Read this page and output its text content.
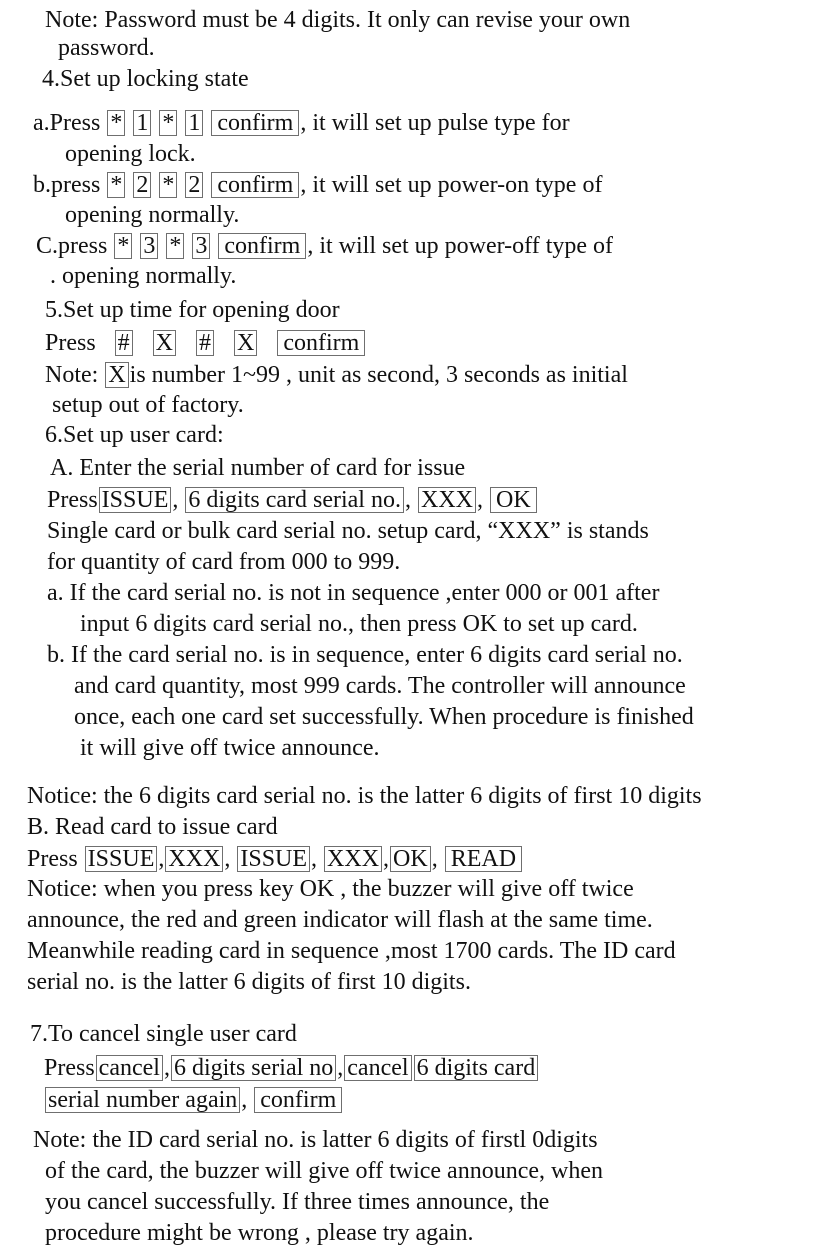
Note: Password must be 4 digits. It only can revise your own
password.
4.Set up locking state
a.Press * 1 * 1 confirm , it will set up pulse type for
opening lock.
b.press * 2 * 2 confirm , it will set up power-on type of
opening normally.
C.press * 3 * 3 confirm , it will set up power-off type of
. opening normally.
5.Set up time for opening door
Press # X # X confirm
Note: X is number 1~99 , unit as second, 3 seconds as initial
setup out of factory.
6.Set up user card:
A. Enter the serial number of card for issue
Press ISSUE , 6 digits card serial no. , XXX , OK
Single card or bulk card serial no. setup card, “XXX” is stands
for quantity of card from 000 to 999.
a. If the card serial no. is not in sequence ,enter 000 or 001 after
input 6 digits card serial no., then press OK to set up card.
b. If the card serial no. is in sequence, enter 6 digits card serial no.
and card quantity, most 999 cards. The controller will announce
once, each one card set successfully. When procedure is finished
it will give off twice announce.
Notice: the 6 digits card serial no. is the latter 6 digits of first 10 digits
B. Read card to issue card
Press ISSUE , XXX , ISSUE , XXX , OK , READ
Notice: when you press key OK , the buzzer will give off twice
announce, the red and green indicator will flash at the same time.
Meanwhile reading card in sequence ,most 1700 cards. The ID card
serial no. is the latter 6 digits of first 10 digits.
7.To cancel single user card
Press cancel , 6 digits serial no , cancel 6 digits card
serial number again , confirm
Note: the ID card serial no. is latter 6 digits of firstl 0digits
of the card, the buzzer will give off twice announce, when
you cancel successfully. If three times announce, the
procedure might be wrong , please try again.
